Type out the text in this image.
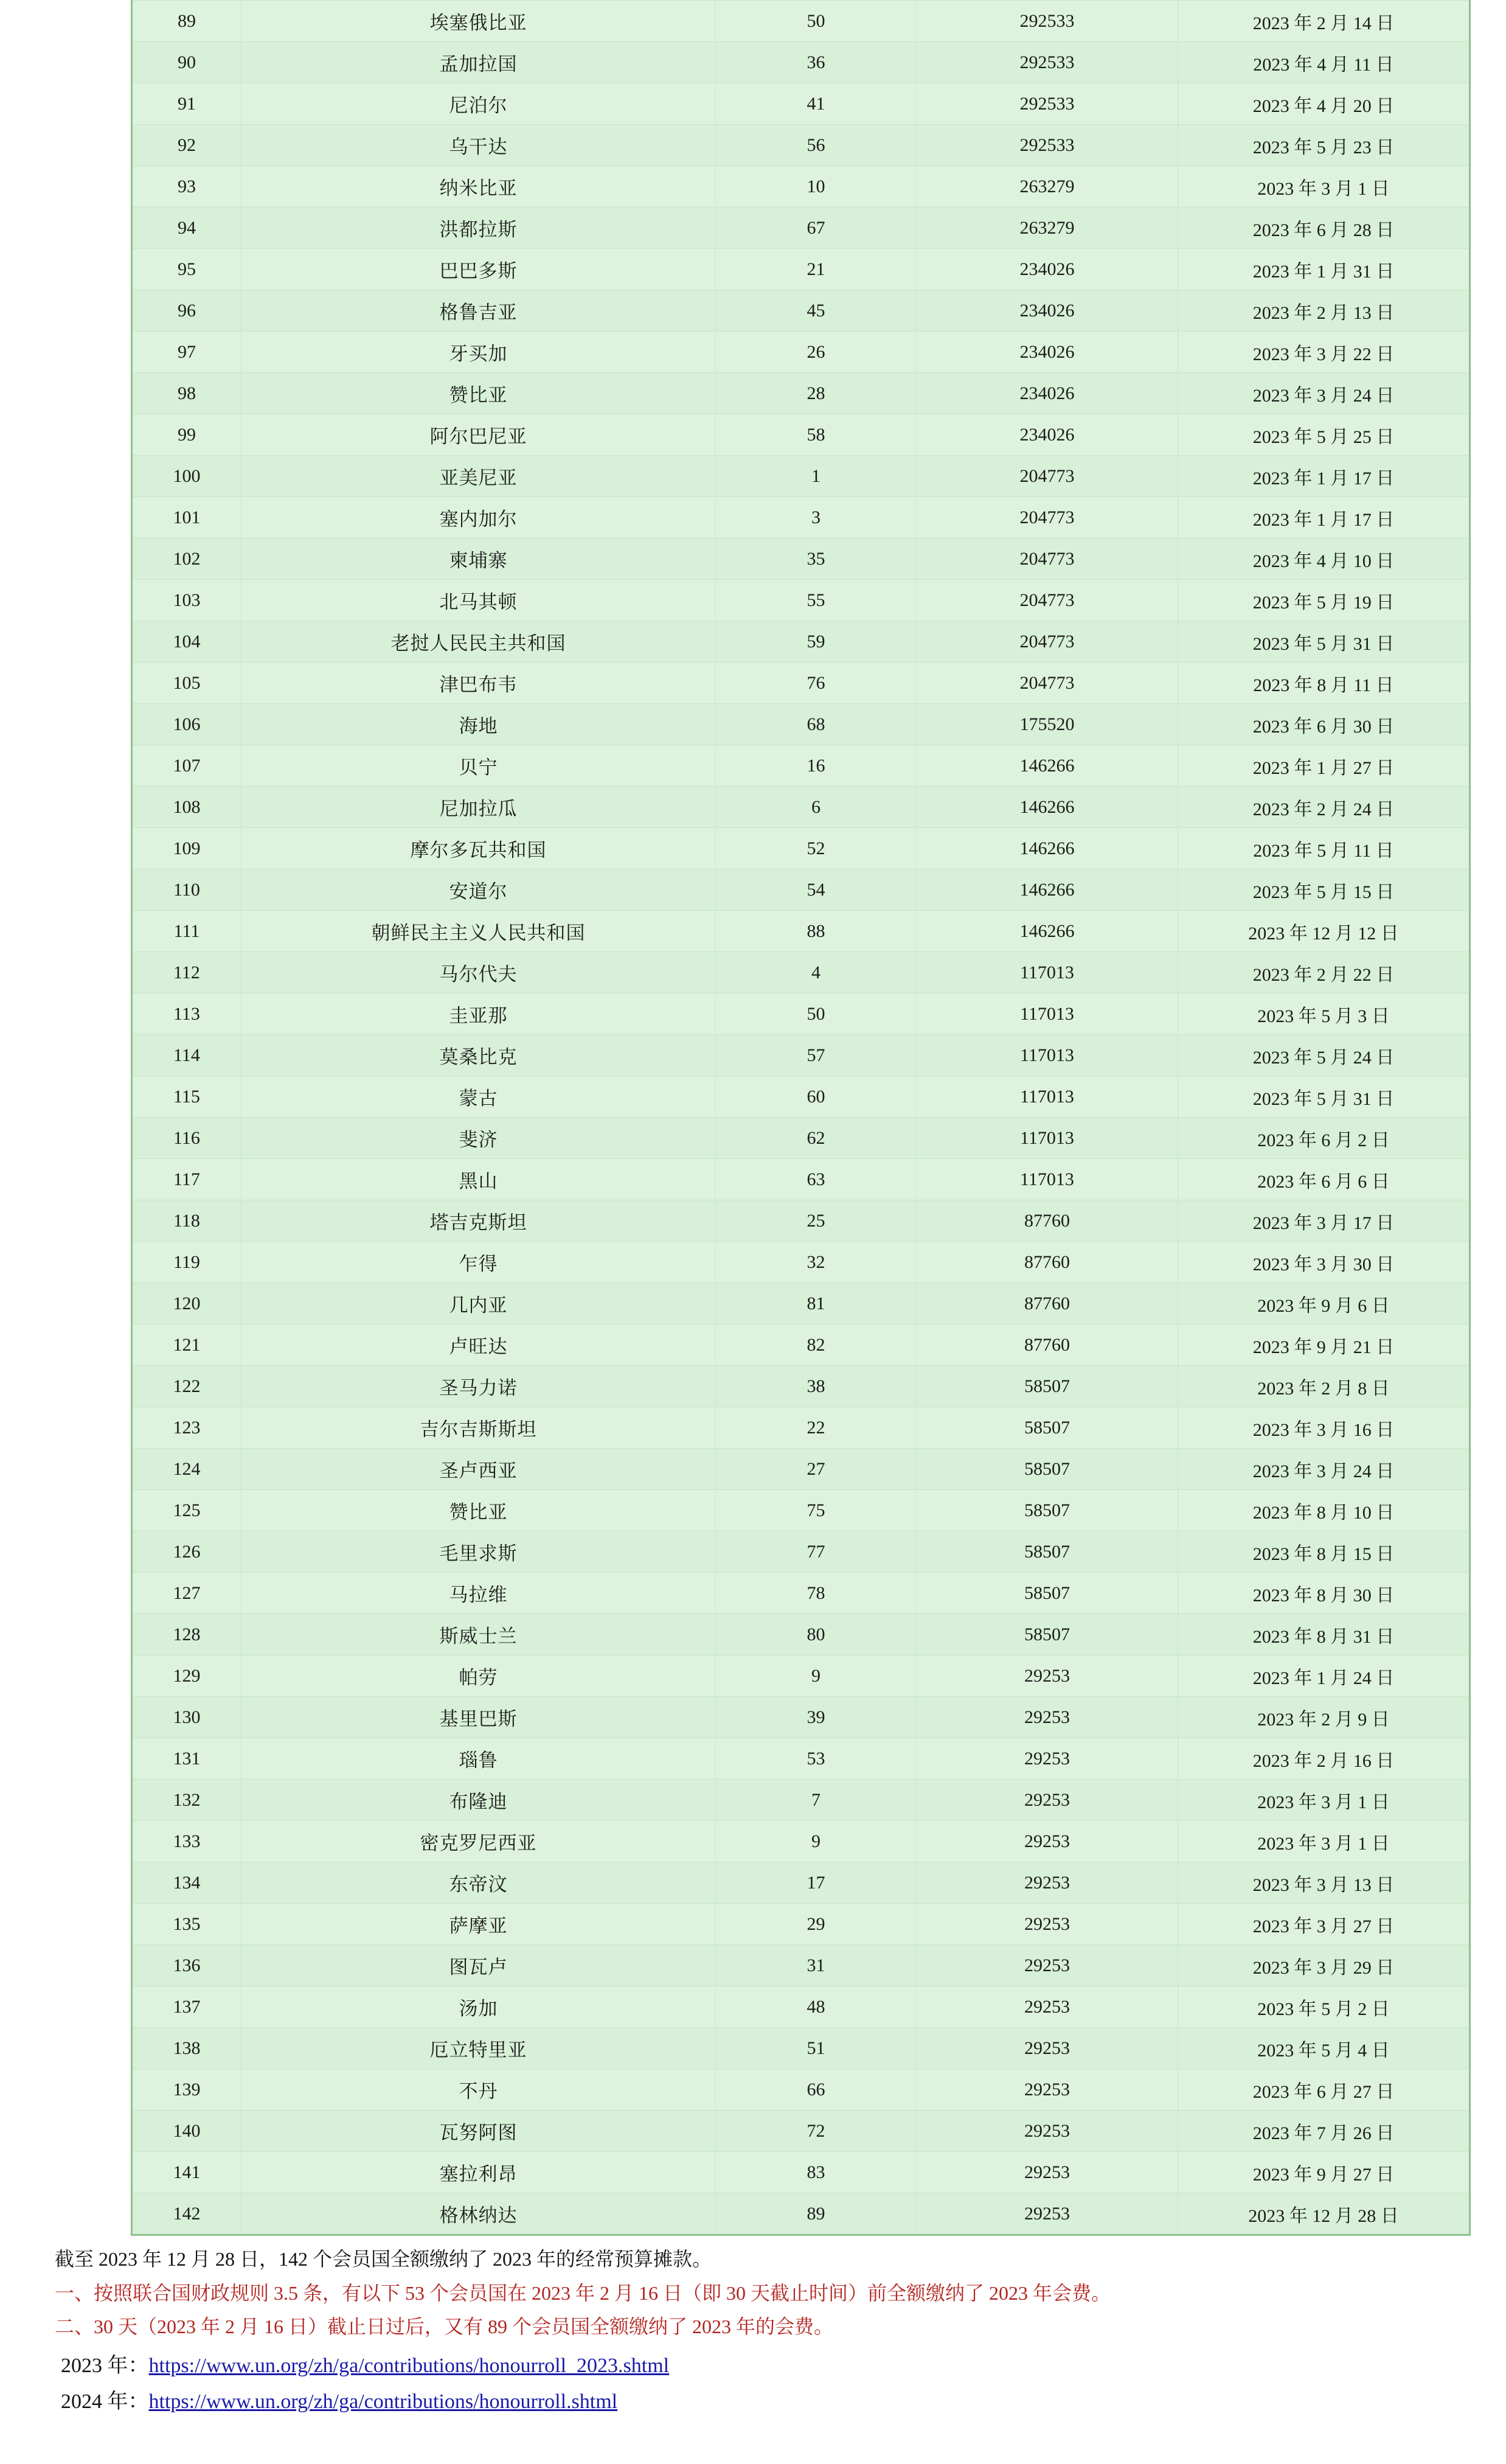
89	埃塞俄比亚	50	292533	2023 年 2 月 14 日
90	孟加拉国	36	292533	2023 年 4 月 11 日
91	尼泊尔	41	292533	2023 年 4 月 20 日
92	乌干达	56	292533	2023 年 5 月 23 日
93	纳米比亚	10	263279	2023 年 3 月 1 日
94	洪都拉斯	67	263279	2023 年 6 月 28 日
95	巴巴多斯	21	234026	2023 年 1 月 31 日
96	格鲁吉亚	45	234026	2023 年 2 月 13 日
97	牙买加	26	234026	2023 年 3 月 22 日
98	赞比亚	28	234026	2023 年 3 月 24 日
99	阿尔巴尼亚	58	234026	2023 年 5 月 25 日
100	亚美尼亚	1	204773	2023 年 1 月 17 日
101	塞内加尔	3	204773	2023 年 1 月 17 日
102	柬埔寨	35	204773	2023 年 4 月 10 日
103	北马其顿	55	204773	2023 年 5 月 19 日
104	老挝人民民主共和国	59	204773	2023 年 5 月 31 日
105	津巴布韦	76	204773	2023 年 8 月 11 日
106	海地	68	175520	2023 年 6 月 30 日
107	贝宁	16	146266	2023 年 1 月 27 日
108	尼加拉瓜	6	146266	2023 年 2 月 24 日
109	摩尔多瓦共和国	52	146266	2023 年 5 月 11 日
110	安道尔	54	146266	2023 年 5 月 15 日
111	朝鲜民主主义人民共和国	88	146266	2023 年 12 月 12 日
112	马尔代夫	4	117013	2023 年 2 月 22 日
113	圭亚那	50	117013	2023 年 5 月 3 日
114	莫桑比克	57	117013	2023 年 5 月 24 日
115	蒙古	60	117013	2023 年 5 月 31 日
116	斐济	62	117013	2023 年 6 月 2 日
117	黑山	63	117013	2023 年 6 月 6 日
118	塔吉克斯坦	25	87760	2023 年 3 月 17 日
119	乍得	32	87760	2023 年 3 月 30 日
120	几内亚	81	87760	2023 年 9 月 6 日
121	卢旺达	82	87760	2023 年 9 月 21 日
122	圣马力诺	38	58507	2023 年 2 月 8 日
123	吉尔吉斯斯坦	22	58507	2023 年 3 月 16 日
124	圣卢西亚	27	58507	2023 年 3 月 24 日
125	赞比亚	75	58507	2023 年 8 月 10 日
126	毛里求斯	77	58507	2023 年 8 月 15 日
127	马拉维	78	58507	2023 年 8 月 30 日
128	斯威士兰	80	58507	2023 年 8 月 31 日
129	帕劳	9	29253	2023 年 1 月 24 日
130	基里巴斯	39	29253	2023 年 2 月 9 日
131	瑙鲁	53	29253	2023 年 2 月 16 日
132	布隆迪	7	29253	2023 年 3 月 1 日
133	密克罗尼西亚	9	29253	2023 年 3 月 1 日
134	东帝汶	17	29253	2023 年 3 月 13 日
135	萨摩亚	29	29253	2023 年 3 月 27 日
136	图瓦卢	31	29253	2023 年 3 月 29 日
137	汤加	48	29253	2023 年 5 月 2 日
138	厄立特里亚	51	29253	2023 年 5 月 4 日
139	不丹	66	29253	2023 年 6 月 27 日
140	瓦努阿图	72	29253	2023 年 7 月 26 日
141	塞拉利昂	83	29253	2023 年 9 月 27 日
142	格林纳达	89	29253	2023 年 12 月 28 日
截至 2023 年 12 月 28 日，142 个会员国全额缴纳了 2023 年的经常预算摊款。
一、按照联合国财政规则 3.5 条，有以下 53 个会员国在 2023 年 2 月 16 日（即 30 天截止时间）前全额缴纳了 2023 年会费。
二、30 天（2023 年 2 月 16 日）截止日过后，又有 89 个会员国全额缴纳了 2023 年的会费。
2023 年：https://www.un.org/zh/ga/contributions/honourroll_2023.shtml
2024 年：https://www.un.org/zh/ga/contributions/honourroll.shtml
